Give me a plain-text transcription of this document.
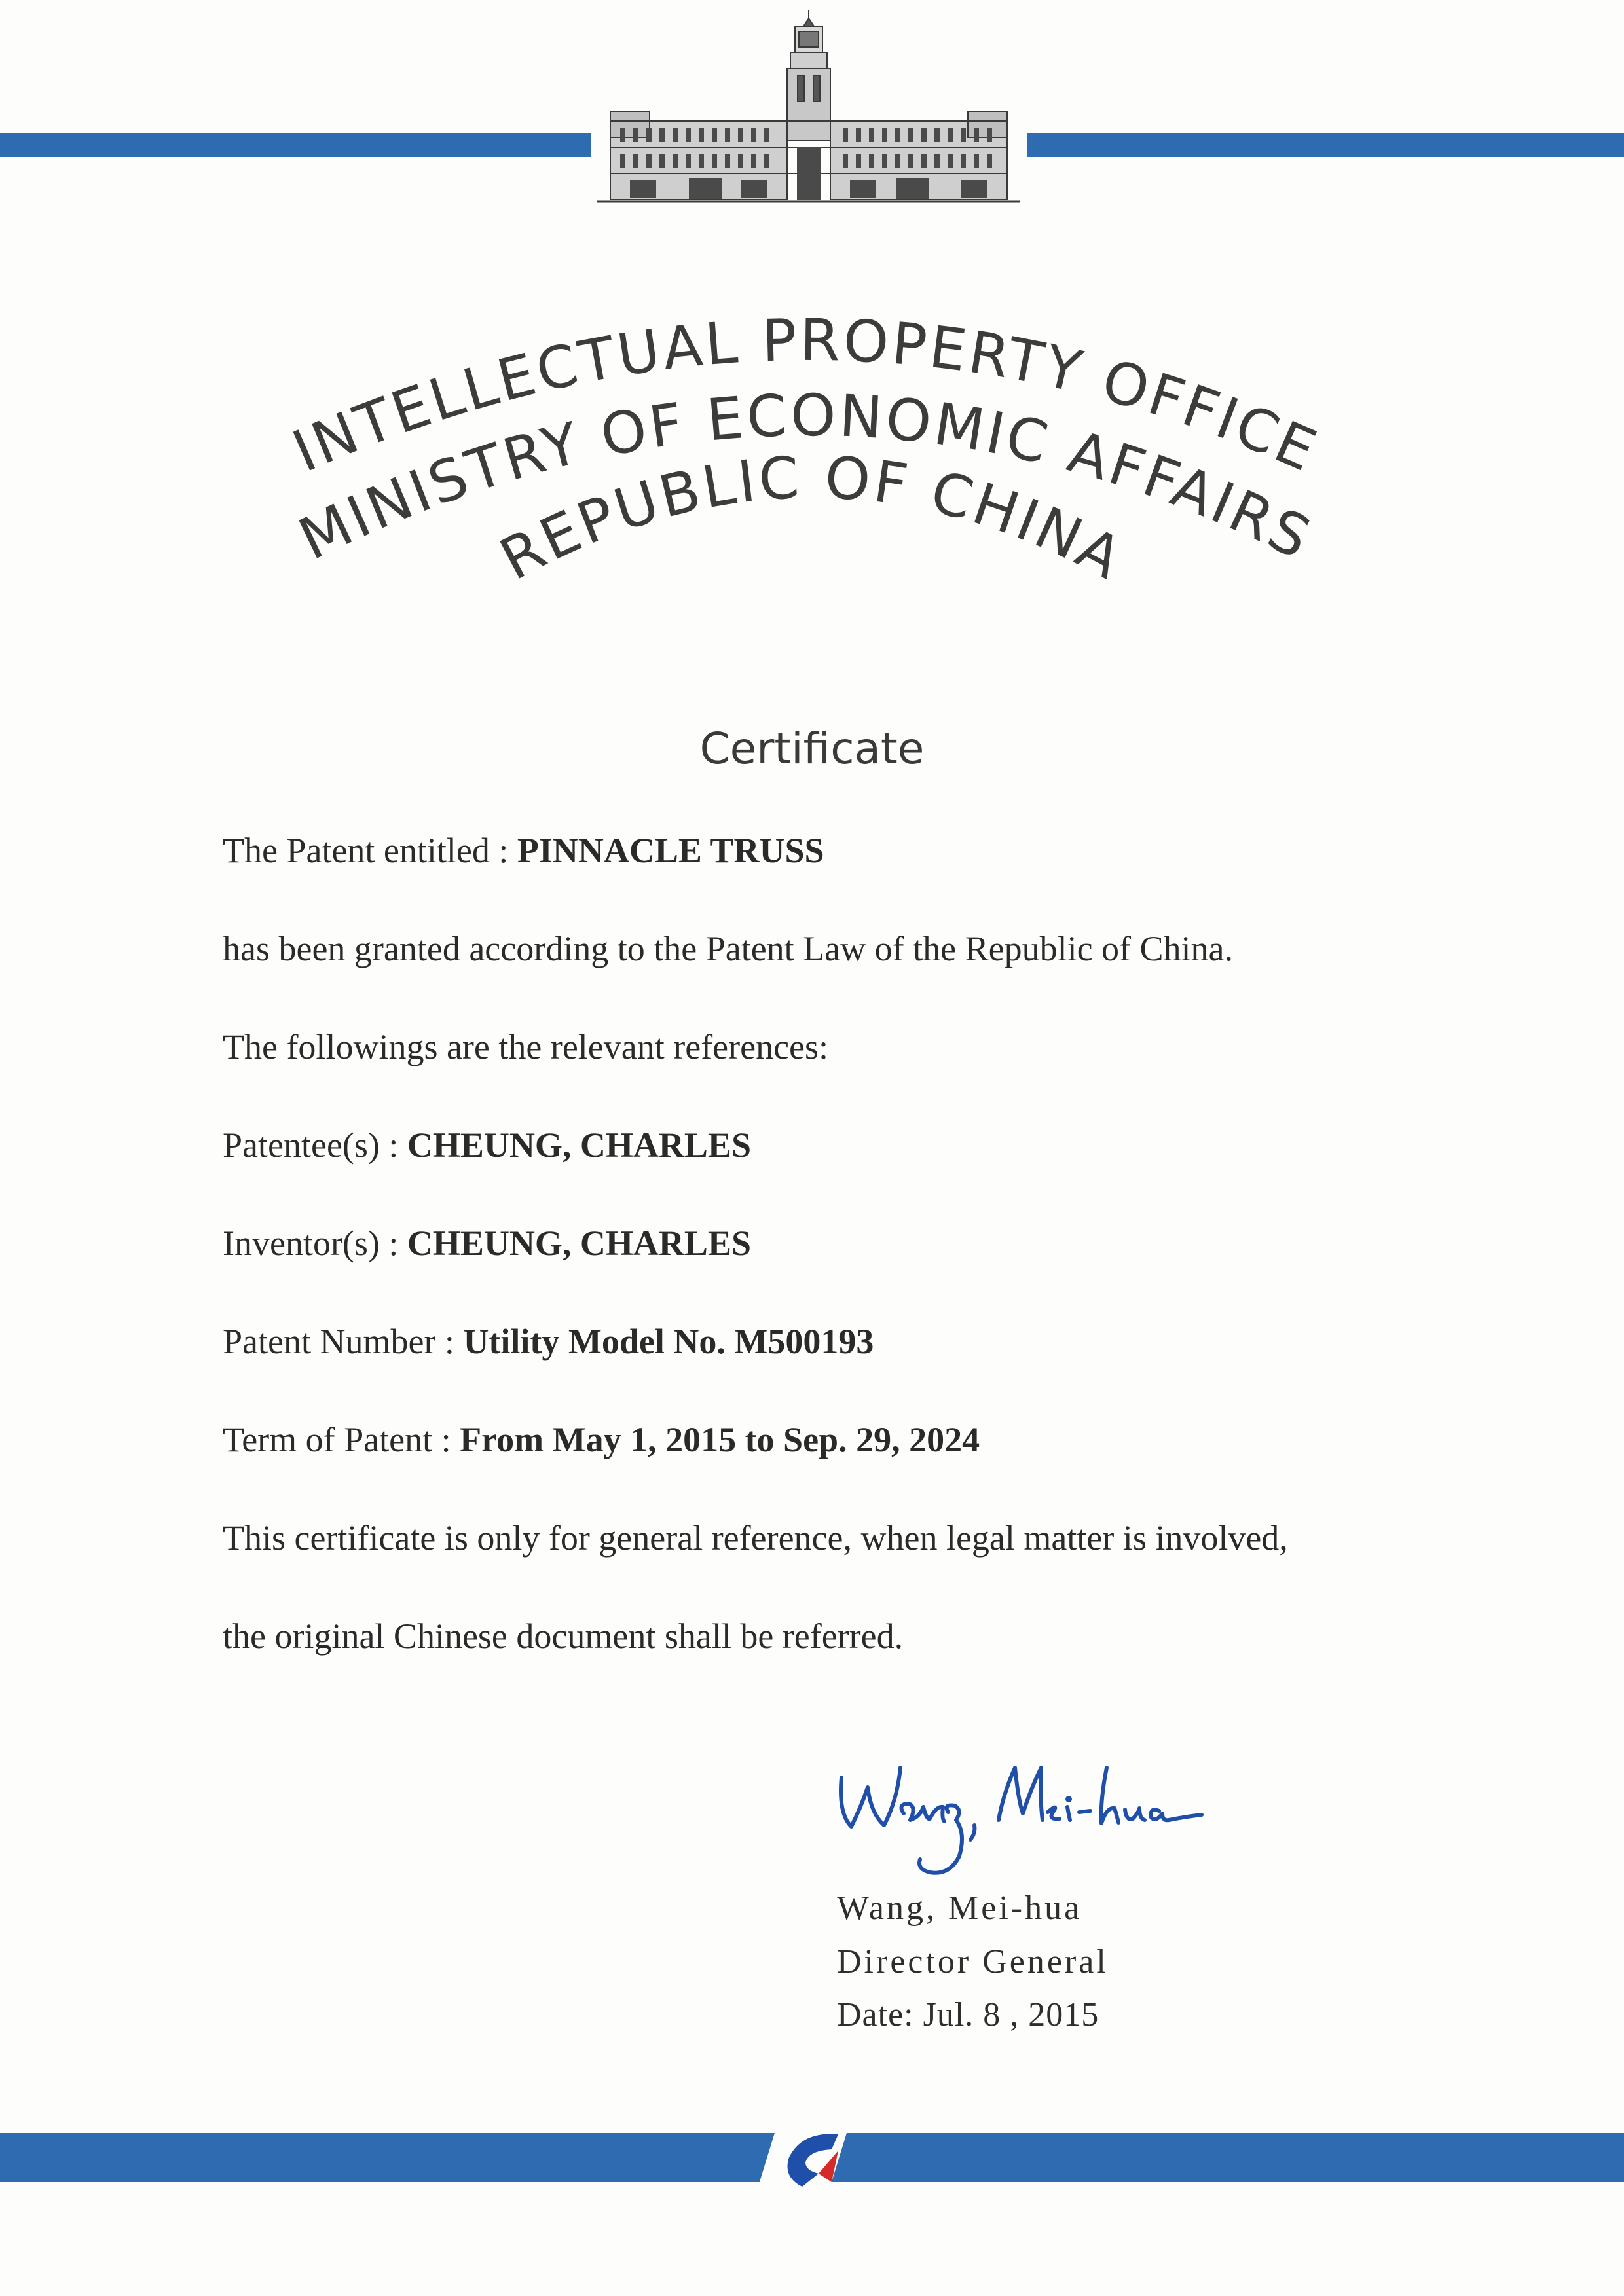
INTELLECTUAL PROPERTY OFFICE
MINISTRY OF ECONOMIC AFFAIRS
REPUBLIC OF CHINA
Certificate
The Patent entitled : PINNACLE TRUSS
has been granted according to the Patent Law of the Republic of China.
The followings are the relevant references:
Patentee(s) : CHEUNG, CHARLES
Inventor(s) : CHEUNG, CHARLES
Patent Number : Utility Model No. M500193
Term of Patent : From May 1, 2015 to Sep. 29, 2024
This certificate is only for general reference, when legal matter is involved,
the original Chinese document shall be referred.
Wang, Mei-hua
Director General
Date: Jul. 8 , 2015
